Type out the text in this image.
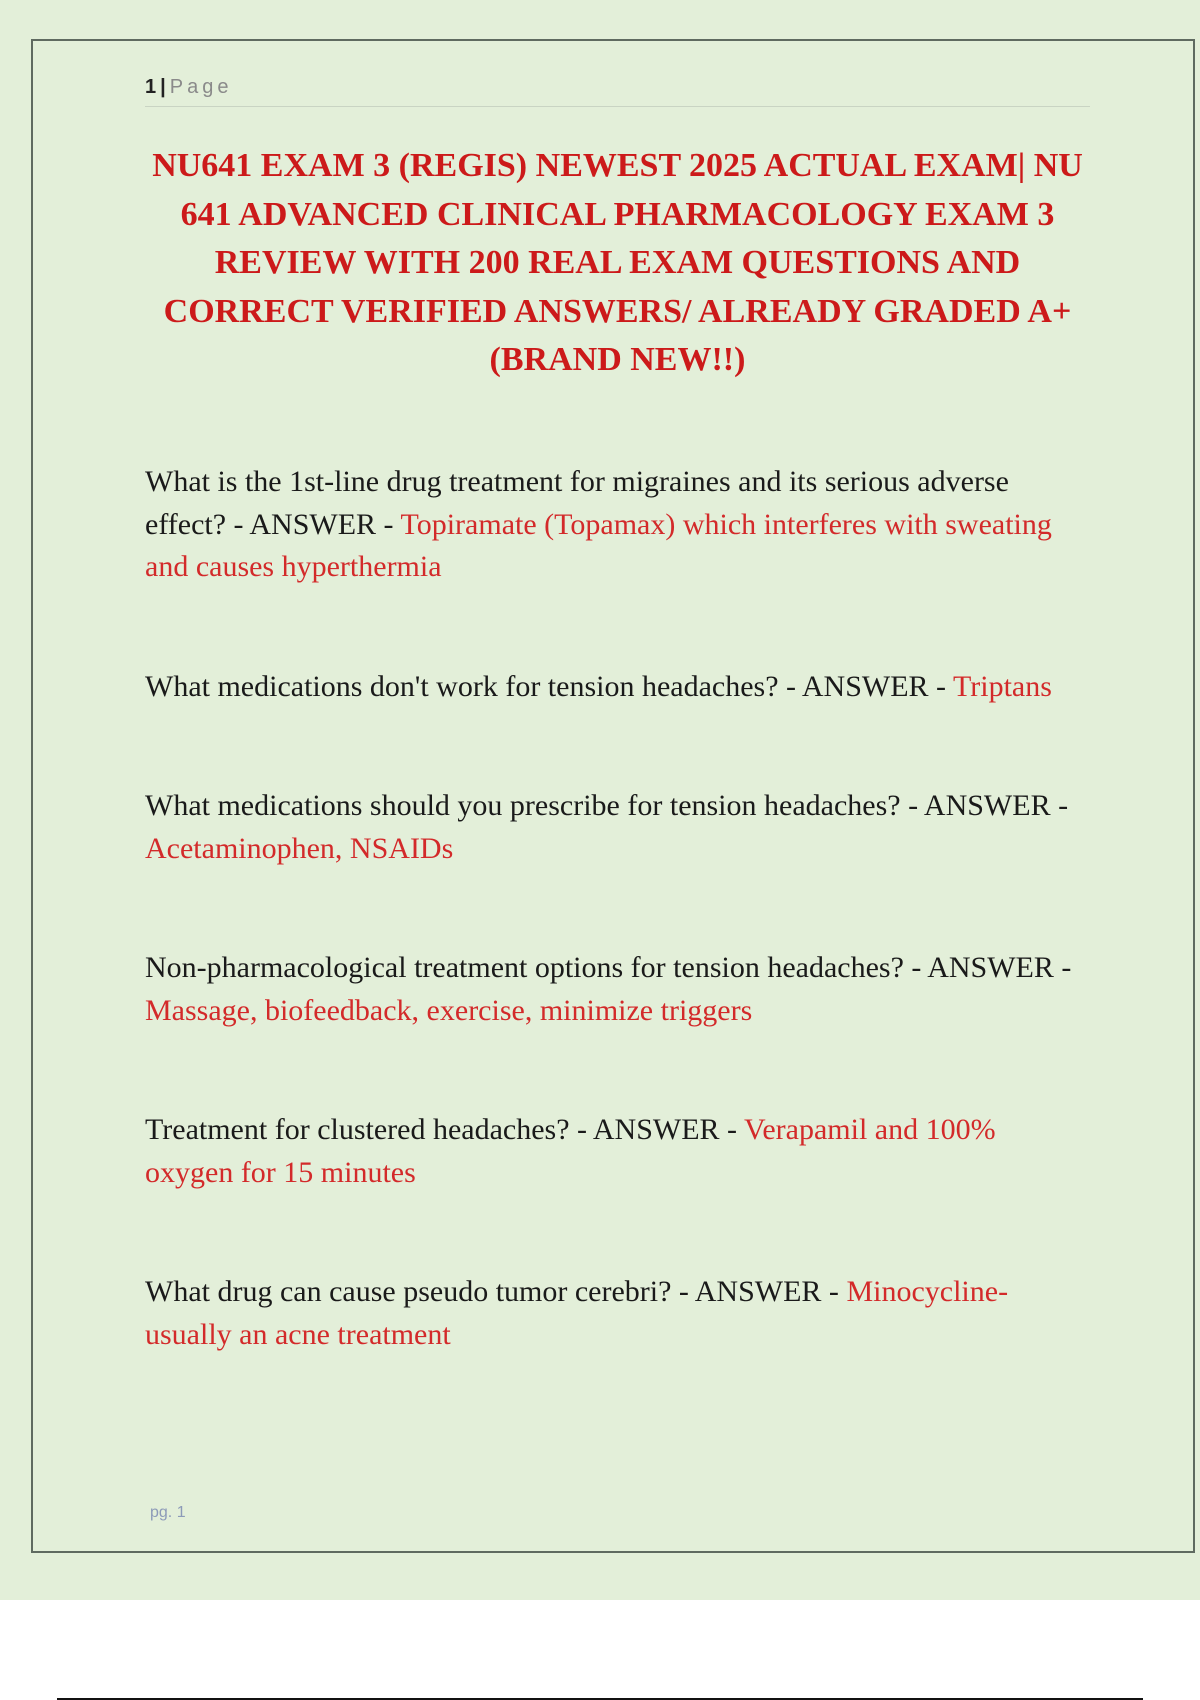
1 | Page
NU641 EXAM 3 (REGIS) NEWEST 2025 ACTUAL EXAM| NU 641 ADVANCED CLINICAL PHARMACOLOGY EXAM 3 REVIEW WITH 200 REAL EXAM QUESTIONS AND CORRECT VERIFIED ANSWERS/ ALREADY GRADED A+ (BRAND NEW!!)

What is the 1st-line drug treatment for migraines and its serious adverse effect? - ANSWER - Topiramate (Topamax) which interferes with sweating and causes hyperthermia

What medications don't work for tension headaches? - ANSWER - Triptans

What medications should you prescribe for tension headaches? - ANSWER - Acetaminophen, NSAIDs

Non-pharmacological treatment options for tension headaches? - ANSWER - Massage, biofeedback, exercise, minimize triggers

Treatment for clustered headaches? - ANSWER - Verapamil and 100% oxygen for 15 minutes

What drug can cause pseudo tumor cerebri? - ANSWER - Minocycline- usually an acne treatment

pg. 1
